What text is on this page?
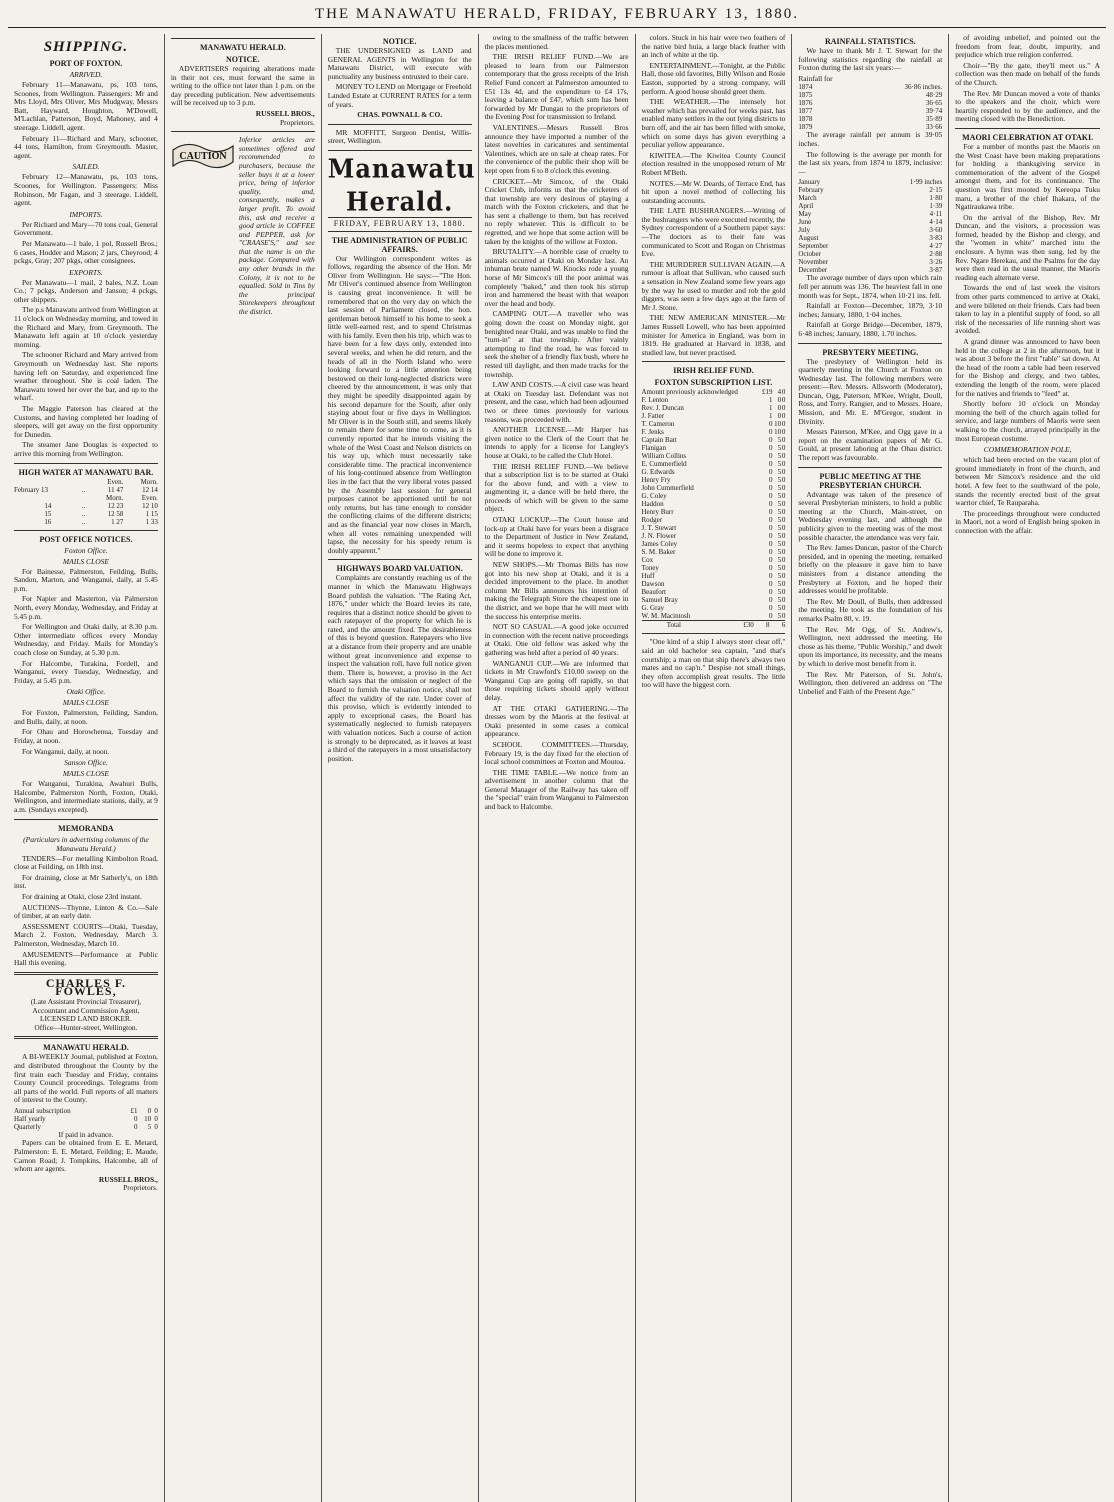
THE MANAWATU HERALD, FRIDAY, FEBRUARY 13, 1880.
SHIPPING.
PORT OF FOXTON.
ARRIVED.

February 11—Manawatu, ps, 103 tons, Scoones, from Wellington. Passengers: Mr and Mrs Lloyd, Mrs Oliver, Mrs Mudgway, Messrs Batt, Hayward, Houghton, M'Dowell, M'Lachlan, Patterson, Boyd, Mahoney, and 4 steerage. Liddell, agent.

February 11—Richard and Mary, schooner, 44 tons, Hamilton, from Greymouth. Master, agent.

SAILED.

February 12—Manawatu, ps, 103 tons, Scoones, for Wellington. Passengers: Miss Robinson, Mr Fagan, and 3 steerage. Liddell, agent.

IMPORTS.

Per Richard and Mary—70 tons coal, General Government.

Per Manawatu—1 bale, 1 pol, Russell Bros.; 6 cases, Hodder and Mason; 2 jars, Cheyrood; 4 pckgs, Gray; 207 pkgs, other consignees.

EXPORTS.

Per Manawatu—1 mail, 2 bales, N.Z. Loan Co.; 7 pckgs, Anderson and Janson; 4 pckgs, other shippers.

The p.s Manawatu arrived from Wellington at 11 o'clock on Wednesday morning, and towed in the Richard and Mary, from Greymouth. The Manawatu left again at 10 o'clock yesterday morning.

The schooner Richard and Mary arrived from Greymouth on Wednesday last. She reports having left on Saturday, and experienced fine weather throughout. She is coal laden. The Manawatu towed her over the bar, and up to the wharf.

The Maggie Paterson has cleared at the Customs, and having completed her loading of sleepers, will get away on the first opportunity for Dunedin.

The steamer Jane Douglas is expected to arrive this morning from Wellington.

HIGH WATER AT MANAWATU BAR.
		Even.	Morn.
February 13	..	11 47	12 14
		Morn.	Even.
14	..	12 23	12 10
15	..	12 58	1 15
16	..	1 27	1 33
POST OFFICE NOTICES.
Foxton Office.
MAILS CLOSE

For Bainesse, Palmerston, Feilding, Bulls, Sandon, Marton, and Wanganui, daily, at 5.45 p.m.

For Napier and Masterton, via Palmerston North, every Monday, Wednesday, and Friday at 5.45 p.m.

For Wellington and Otaki daily, at 8.30 p.m. Other intermediate offices every Monday Wednesday, and Friday. Mails for Monday's coach close on Sunday, at 5.30 p.m.

For Halcombe, Turakina, Fordell, and Wanganui, every Tuesday, Wednesday, and Friday, at 5.45 p.m.

Otaki Office.
MAILS CLOSE

For Foxton, Palmerston, Feilding, Sandon, and Bulls, daily, at noon.

For Ohau and Horowhenua, Tuesday and Friday, at noon.

For Wanganui, daily, at noon.

Sanson Office.
MAILS CLOSE

For Wanganui, Turakina, Awahuri Bulls, Halcombe, Palmerston North, Foxton, Otaki, Wellington, and intermediate stations, daily, at 9 a.m. (Sundays excepted).

MEMORANDA
(Particulars in advertising columns of the Manawatu Herald.)

TENDERS—For metalling Kimbolton Road, close at Feilding, on 18th inst.

For draining, close at Mr Satherly's, on 18th inst.

For draining at Otaki, close 23rd instant.

AUCTIONS—Thynne, Linton & Co.—Sale of timber, at an early date.

ASSESSMENT COURTS—Otaki, Tuesday, March 2. Foxton, Wednesday, March 3. Palmerston, Wednesday, March 10.

AMUSEMENTS—Performance at Public Hall this evening.

CHARLES F. FOWLES,
(Late Assistant Provincial Treasurer),
Accountant and Commission Agent,
LICENSED LAND BROKER.
Office—Hunter-street, Wellington.
MANAWATU HERALD.

A BI-WEEKLY Journal, published at Foxton, and distributed throughout the County by the first train each Tuesday and Friday, contains County Council proceedings. Telegrams from all parts of the world. Full reports of all matters of interest to the County.

Annual subscription	£1	0	0
Half yearly	0	10	0
Quarterly	0	5	0
If paid in advance.

Papers can be obtained from E. E. Metard, Palmerston: E. E. Metard, Feilding; E. Maude, Carnon Road; J. Tompkins, Halcombe, all of whom are agents.

RUSSELL BROS.,
Proprietors.
MANAWATU HERALD.
NOTICE.

ADVERTISERS requiring alterations made in their not ces, must forward the same in writing to the office not later than 1 p.m. on the day preceding publication. New advertisements will be received up to 3 p.m.

RUSSELL BROS.,
Proprietors.
CAUTION
Inferior articles are sometimes offered and recommended to purchasers, because the seller buys it at a lower price, being of inferior quality, and, consequently, makes a larger profit. To avoid this, ask and receive a good article in COFFEE and PEPPER, ask for "CRAASE'S," and see that the name is on the package. Compared with any other brands in the Colony, it is not to be equalled. Sold in Tins by the principal Storekeepers throughout the district.
NOTICE.

THE UNDERSIGNED as LAND and GENERAL AGENTS in Wellington for the Manawatu District, will execute with punctuality any business entrusted to their care.

MONEY TO LEND on Mortgage or Freehold Landed Estate at CURRENT RATES for a term of years.

CHAS. POWNALL & CO.

MR MOFFITT, Surgeon Dentist, Willis-street, Wellington.

Manawatu Herald.
FRIDAY, FEBRUARY 13, 1880.
THE ADMINISTRATION OF PUBLIC AFFAIRS.

Our Wellington correspondent writes as follows, regarding the absence of the Hon. Mr Oliver from Wellington. He says:—"The Hon. Mr Oliver's continued absence from Wellington is causing great inconvenience. It will be remembered that on the very day on which the last session of Parliament closed, the hon. gentleman betook himself to his home to seek a little well-earned rest, and to spend Christmas with his family. Even then his trip, which was to have been for a few days only, extended into several weeks, and when he did return, and the heads of all in the North Island who were looking forward to a little attention being bestowed on their long-neglected districts were cheered by the announcement, it was only that they might be speedily disappointed again by his second departure for the South, after only staying about four or five days in Wellington. Mr Oliver is in the South still, and seems likely to remain there for some time to come, as it is currently reported that he intends visiting the whole of the West Coast and Nelson districts on his way up, which must necessarily take considerable time. The practical inconvenience of his long-continued absence from Wellington lies in the fact that the very liberal votes passed by the Assembly last session for general purposes cannot be apportioned until he not only returns, but has time enough to consider the conflicting claims of the different districts; and as the financial year now closes in March, when all votes remaining unexpended will lapse, the necessity for his speedy return is doubly apparent."

HIGHWAYS BOARD VALUATION.

Complaints are constantly reaching us of the manner in which the Manawatu Highways Board publish the valuation. "The Rating Act, 1876," under which the Board levies its rate, requires that a distinct notice should be given to each ratepayer of the property for which he is rated, and the amount fixed. The desirableness of this is beyond question. Ratepayers who live at a distance from their property and are unable without great inconvenience and expense to inspect the valuation roll, have full notice given them. There is, however, a proviso in the Act which says that the omission or neglect of the Board to furnish the valuation notice, shall not affect the validity of the rate. Under cover of this proviso, which is evidently intended to apply to exceptional cases, the Board has systematically neglected to furnish ratepayers with valuation notices. Such a course of action is strongly to be deprecated, as it leaves at least a third of the ratepayers in a most unsatisfactory position.

owing to the smallness of the traffic between the places mentioned.

THE IRISH RELIEF FUND.—We are pleased to learn from our Palmerston contemporary that the gross receipts of the Irish Relief Fund concert at Palmerston amounted to £51 13s 4d, and the expenditure to £4 17s, leaving a balance of £47, which sum has been forwarded by Mr Dungan to the proprietors of the Evening Post for transmission to Ireland.

VALENTINES.—Messrs Russell Bros announce they have imported a number of the latest novelties in caricatures and sentimental Valentines, which are on sale at cheap rates. For the convenience of the public their shop will be kept open from 6 to 8 o'clock this evening.

CRICKET.—Mr Simcox, of the Otaki Cricket Club, informs us that the cricketers of that township are very desirous of playing a match with the Foxton cricketers, and that he has sent a challenge to them, but has received no reply whatever. This is difficult to be regretted, and we hope that some action will be taken by the knights of the willow at Foxton.

BRUTALITY.—A horrible case of cruelty to animals occurred at Otaki on Monday last. An inhuman brute named W. Knocks rode a young horse of Mr Simcox's till the poor animal was completely "baked," and then took his stirrup iron and hammered the beast with that weapon over the head and body.

CAMPING OUT.—A traveller who was going down the coast on Monday night, got benighted near Otaki, and was unable to find the "turn-in" at that township. After vainly attempting to find the road, he was forced to seek the shelter of a friendly flax bush, where he rested till daylight, and then made tracks for the township.

LAW AND COSTS.—A civil case was heard at Otaki on Tuesday last. Defendant was not present, and the case, which had been adjourned two or three times previously for various reasons, was proceeded with.

ANOTHER LICENSE.—Mr Harper has given notice to the Clerk of the Court that he intends to apply for a license for Langley's house at Otaki, to be called the Club Hotel.

THE IRISH RELIEF FUND.—We believe that a subscription list is to be started at Otaki for the above fund, and with a view to augmenting it, a dance will be held there, the proceeds of which will be given to the same object.

OTAKI LOCKUP.—The Court house and lock-up at Otaki have for years been a disgrace to the Department of Justice in New Zealand, and it seems hopeless to expect that anything will be done to improve it.

NEW SHOPS.—Mr Thomas Bills has now got into his new shop at Otaki, and it is a decided improvement to the place. In another column Mr Bills announces his intention of making the Telegraph Store the cheapest one in the district, and we hope that he will meet with the success his enterprise merits.

NOT SO CASUAL.—A good joke occurred in connection with the recent native proceedings at Otaki. One old fellow was asked why the gathering was held after a period of 40 years.

WANGANUI CUP.—We are informed that tickets in Mr Crawford's £10.00 sweep on the Wanganui Cup are going off rapidly, so that those requiring tickets should apply without delay.

AT THE OTAKI GATHERING.—The dresses worn by the Maoris at the festival at Otaki presented in some cases a comical appearance.

SCHOOL COMMITTEES.—Thursday, February 19, is the day fixed for the election of local school committees at Foxton and Moutoa.

THE TIME TABLE.—We notice from an advertisement in another column that the General Manager of the Railway has taken off the "special" train from Wanganui to Palmerston and back to Halcombe.

colors. Stuck in his hair were two feathers of the native bird huia, a large black feather with an inch of white at the tip.

ENTERTAINMENT.—Tonight, at the Public Hall, those old favorites, Billy Wilson and Rosie Easton, supported by a strong company, will perform. A good house should greet them.

THE WEATHER.—The intensely hot weather which has prevailed for weeks past, has enabled many settlers in the out lying districts to burn off, and the air has been filled with smoke, which on some days has given everything a peculiar yellow appearance.

KIWITEA.—The Kiwitea County Council election resulted in the unopposed return of Mr Robert M'Beth.

NOTES.—Mr W. Deards, of Terrace End, has hit upon a novel method of collecting his outstanding accounts.

THE LATE BUSHRANGERS.—Writing of the bushrangers who were executed recently, the Sydney correspondent of a Southern paper says:—The doctors as to their fate was communicated to Scott and Rogan on Christmas Eve.

THE MURDERER SULLIVAN AGAIN.—A rumour is afloat that Sullivan, who caused such a sensation in New Zealand some few years ago by the way he used to murder and rob the gold diggers, was seen a few days ago at the farm of Mr J. Stone.

THE NEW AMERICAN MINISTER.—Mr James Russell Lowell, who has been appointed minister for America in England, was born in 1819. He graduated at Harvard in 1838, and studied law, but never practised.

IRISH RELIEF FUND.
FOXTON SUBSCRIPTION LIST.
Amount previously acknowledged	£19	4	0
F. Lenton	1	0	0
Rev. J. Duncan	1	0	0
J. Fatter	1	0	0
T. Cameron	0	10	0
F. Jenks	0	10	0
Captain Batt	0	5	0
Flanigan	0	5	0
William Collins	0	5	0
E. Cummerfield	0	5	0
G. Edwards	0	5	0
Henry Fry	0	5	0
John Cummerfield	0	5	0
G. Coley	0	5	0
Haddon	0	5	0
Henry Burr	0	5	0
Rodger	0	5	0
J. T. Stewart	0	5	0
J. N. Flower	0	5	0
James Coley	0	5	0
S. M. Baker	0	5	0
Cox	0	5	0
Toney	0	5	0
Huff	0	5	0
Dawson	0	5	0
Beaufort	0	5	0
Samuel Bray	0	5	0
G. Gray	0	5	0
W. M. Macintosh	0	5	0
Total	£30	8	6

"One kind of a ship I always steer clear off," said an old bachelor sea captain, "and that's courtship; a man on that ship there's always two mates and no cap'n." Despise not small things, they often accomplish great results. The little too will have the biggest corn.

RAINFALL STATISTICS.

We have to thank Mr J. T. Stewart for the following statistics regarding the rainfall at Foxton during the last six years:—

Rainfall for
1874	36·86 inches.
1875	48·29
1876	36·65
1877	39·74
1878	35·89
1879	33·66

The average rainfall per annum is 39·05 inches.

The following is the average per month for the last six years, from 1874 to 1879, inclusive:—

January	1·99 inches
February	2·15
March	1·80
April	1·39
May	4·11
June	4·14
July	3·60
August	3·83
September	4·27
October	2·88
November	3·26
December	3·87

The average number of days upon which rain fell per annum was 136. The heaviest fall in one month was for Sept., 1874, when 10·21 ins. fell.

Rainfall at Foxton—December, 1879, 3·10 inches; January, 1880, 1·04 inches.

Rainfall at Gorge Bridge—December, 1879, 6·48 inches; January, 1880, 1.70 inches.

PRESBYTERY MEETING.

The presbytery of Wellington held its quarterly meeting in the Church at Foxton on Wednesday last. The following members were present:—Rev. Messrs. Allsworth (Moderator), Duncan, Ogg, Paterson, M'Kee, Wright, Doull, Ross, and Torry. Rangier, and to Messrs. Hoare, Mission, and Mr. E. M'Gregor, student in Divinity.

Messrs Paterson, M'Kee, and Ogg gave in a report on the examination papers of Mr G. Gould, at present laboring at the Ohau district. The report was favourable.

PUBLIC MEETING AT THE PRESBYTERIAN CHURCH.

Advantage was taken of the presence of several Presbyterian ministers, to hold a public meeting at the Church, Main-street, on Wednesday evening last, and although the publicity given to the meeting was of the most possible character, the attendance was very fair.

The Rev. James Duncan, pastor of the Church presided, and in opening the meeting, remarked briefly on the pleasure it gave him to have ministers from a distance attending the Presbytery at Foxton, and he hoped their addresses would be profitable.

The Rev. Mr Doull, of Bulls, then addressed the meeting. He took as the foundation of his remarks Psalm 80, v. 19.

The Rev. Mr Ogg, of St. Andrew's, Wellington, next addressed the meeting. He chose as his theme, "Public Worship," and dwelt upon its importance, its necessity, and the means by which to derive most benefit from it.

The Rev. Mr Paterson, of St. John's, Wellington, then delivered an address on "The Unbelief and Faith of the Present Age."

of avoiding unbelief, and pointed out the freedom from fear, doubt, impurity, and prejudice which true religion conferred.

Choir—"By the gate, they'll meet us." A collection was then made on behalf of the funds of the Church.

The Rev. Mr Duncan moved a vote of thanks to the speakers and the choir, which were heartily responded to by the audience, and the meeting closed with the Benediction.

MAORI CELEBRATION AT OTAKI.

For a number of months past the Maoris on the West Coast have been making preparations for holding a thanksgiving service in commemoration of the advent of the Gospel amongst them, and for its continuance. The question was first mooted by Kereopa Tuku maru, a brother of the chief Ihakara, of the Ngatiraukawa tribe.

On the arrival of the Bishop, Rev. Mr Duncan, and the visitors, a procession was formed, headed by the Bishop and clergy, and the "women in white" marched into the enclosure. A hymn was then sung, led by the Rev. Ngare Herekau, and the Psalms for the day were then read in the usual manner, the Maoris reading each alternate verse.

Towards the end of last week the visitors from other parts commenced to arrive at Otaki, and were billeted on their friends. Cars had been taken to lay in a plentiful supply of food, so all risk of the necessaries of life running short was avoided.

A grand dinner was announced to have been held in the college at 2 in the afternoon, but it was about 3 before the first "table" sat down. At the head of the room a table had been reserved for the Bishop and clergy, and two tables, extending the length of the room, were placed for the natives and friends to "feed" at.

Shortly before 10 o'clock on Monday morning the bell of the church again tolled for service, and large numbers of Maoris were seen walking to the church, arrayed principally in the most European costume.

COMMEMORATION POLE,

which had been erected on the vacant plot of ground immediately in front of the church, and between Mr Simcox's residence and the old hotel. A few feet to the southward of the pole, stands the recently erected bust of the great warrior chief, Te Rauparaha.

The proceedings throughout were conducted in Maori, not a word of English being spoken in connection with the affair.
